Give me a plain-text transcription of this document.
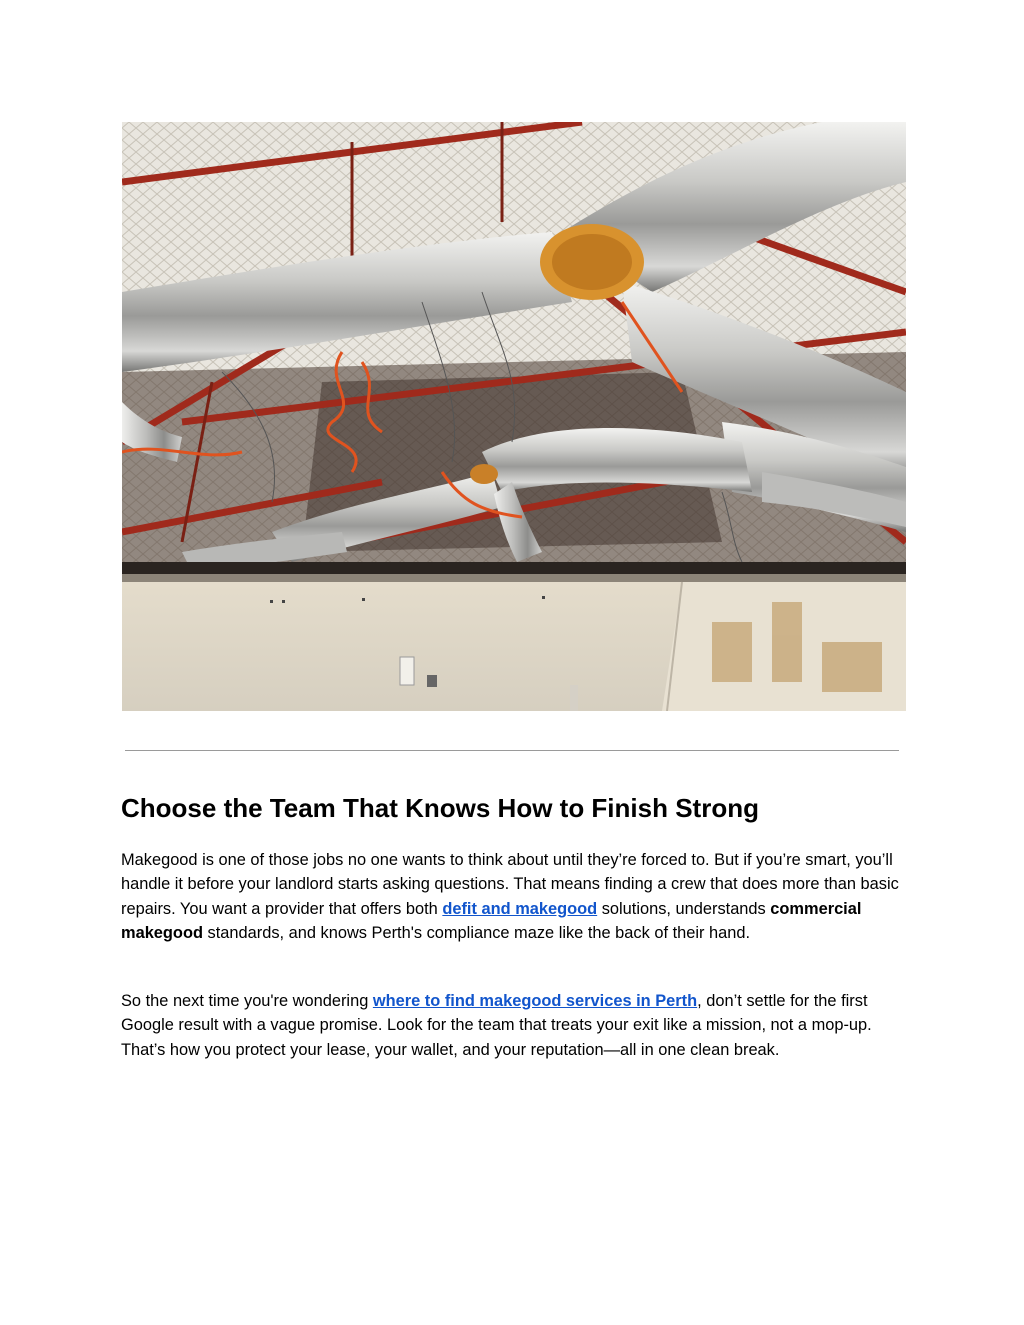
Choose the Team That Knows How to Finish Strong

Makegood is one of those jobs no one wants to think about until they’re forced to. But if you’re smart, you’ll handle it before your landlord starts asking questions. That means finding a crew that does more than basic repairs. You want a provider that offers both defit and makegood solutions, understands commercial makegood standards, and knows Perth's compliance maze like the back of their hand.

So the next time you're wondering where to find makegood services in Perth, don’t settle for the first Google result with a vague promise. Look for the team that treats your exit like a mission, not a mop-up. That’s how you protect your lease, your wallet, and your reputation—all in one clean break.
